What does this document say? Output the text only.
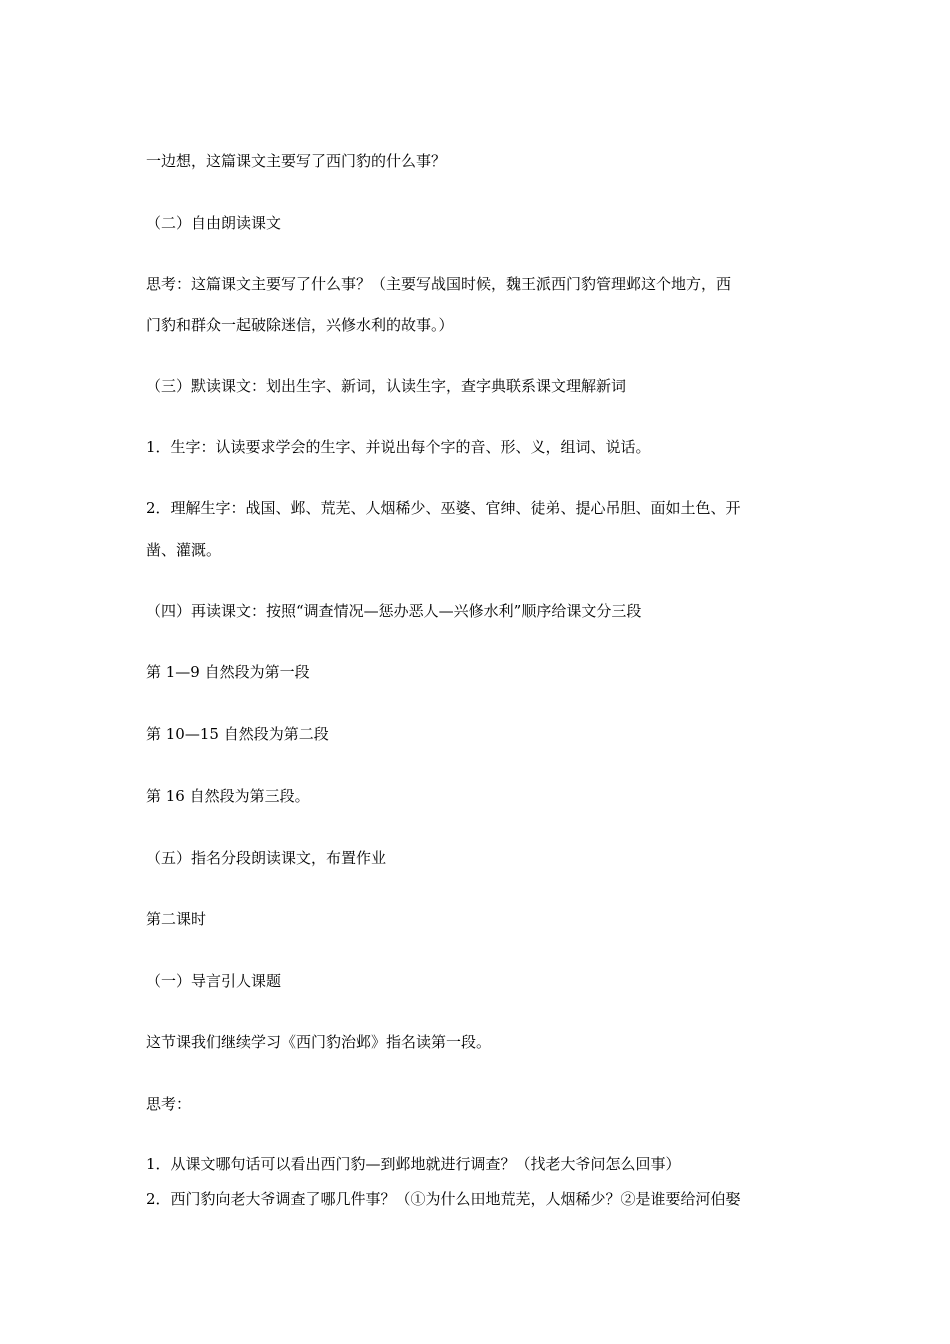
一边想，这篇课文主要写了西门豹的什么事？
（二）自由朗读课文
思考：这篇课文主要写了什么事？（主要写战国时候，魏王派西门豹管理邺这个地方，西
门豹和群众一起破除迷信，兴修水利的故事。）
（三）默读课文：划出生字、新词，认读生字，查字典联系课文理解新词
1．生字：认读要求学会的生字、并说出每个字的音、形、义，组词、说话。
2．理解生字：战国、邺、荒芜、人烟稀少、巫婆、官绅、徒弟、提心吊胆、面如土色、开
凿、灌溉。
（四）再读课文：按照“调查情况—惩办恶人—兴修水利”顺序给课文分三段
第 1—9 自然段为第一段
第 10—15 自然段为第二段
第 16 自然段为第三段。
（五）指名分段朗读课文，布置作业
第二课时
（一）导言引人课题
这节课我们继续学习《西门豹治邺》指名读第一段。
思考：
1．从课文哪句话可以看出西门豹—到邺地就进行调查？（找老大爷问怎么回事）
2．西门豹向老大爷调查了哪几件事？（①为什么田地荒芜，人烟稀少？②是谁要给河伯娶
